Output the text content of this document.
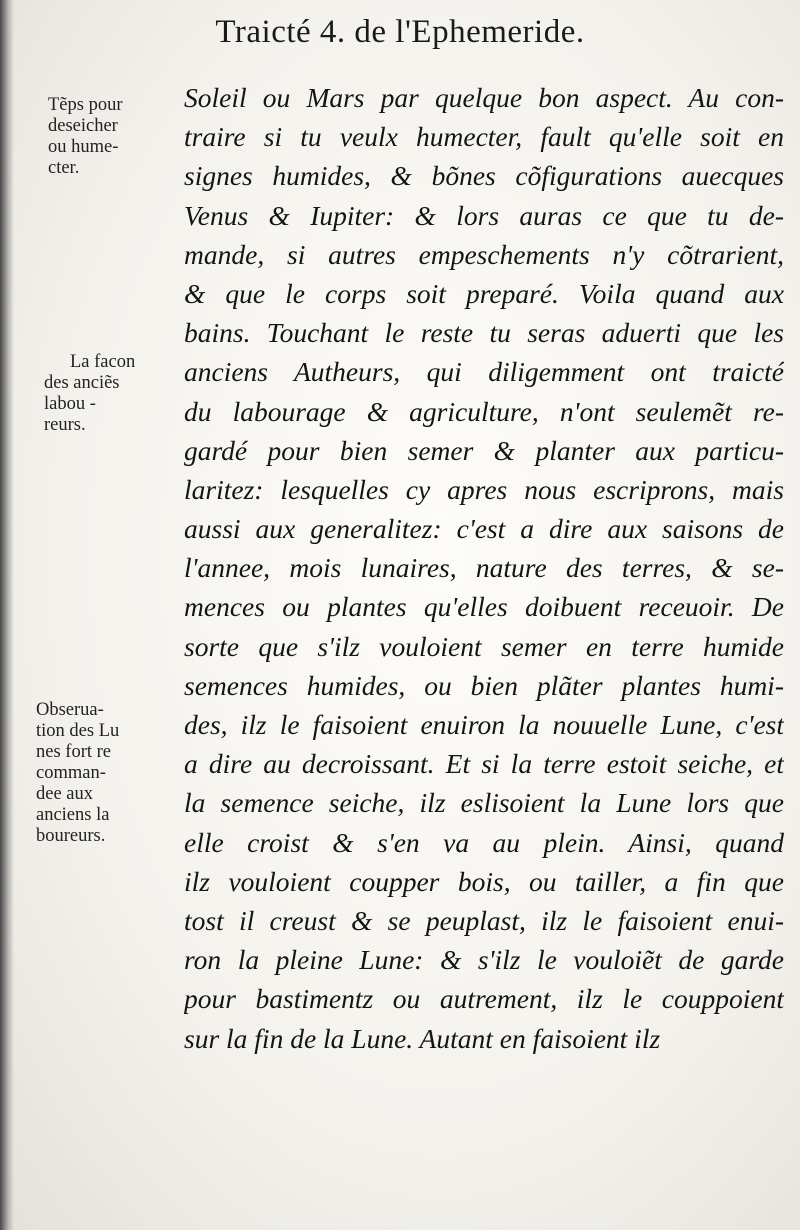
Traicté 4. de l'Ephemeride.
Tẽps pour
deseicher
ou hume-
cter.
La facon
des anciẽs
labou -
reurs.
Obserua-
tion des Lu
nes fort re
comman-
dee aux
anciens la
boureurs.
Soleil ou Mars par quelque bon aspect. Au con-
traire si tu veulx humecter, fault qu'elle soit en
signes humides, & bõnes cõfigurations auecques
Venus & Iupiter: & lors auras ce que tu de-
mande, si autres empeschements n'y cõtrarient,
& que le corps soit preparé. Voila quand aux
bains. Touchant le reste tu seras aduerti que les
anciens Autheurs, qui diligemment ont traicté
du labourage & agriculture, n'ont seulemẽt re-
gardé pour bien semer & planter aux particu-
laritez: lesquelles cy apres nous escriprons, mais
aussi aux generalitez: c'est a dire aux saisons de
l'annee, mois lunaires, nature des terres, & se-
mences ou plantes qu'elles doibuent receuoir. De
sorte que s'ilz vouloient semer en terre humide
semences humides, ou bien plãter plantes humi-
des, ilz le faisoient enuiron la nouuelle Lune, c'est
a dire au decroissant. Et si la terre estoit seiche, et
la semence seiche, ilz eslisoient la Lune lors que
elle croist & s'en va au plein. Ainsi, quand
ilz vouloient coupper bois, ou tailler, a fin que
tost il creust & se peuplast, ilz le faisoient enui-
ron la pleine Lune: & s'ilz le vouloiẽt de garde
pour bastimentz ou autrement, ilz le couppoient
sur la fin de la Lune. Autant en faisoient ilz
